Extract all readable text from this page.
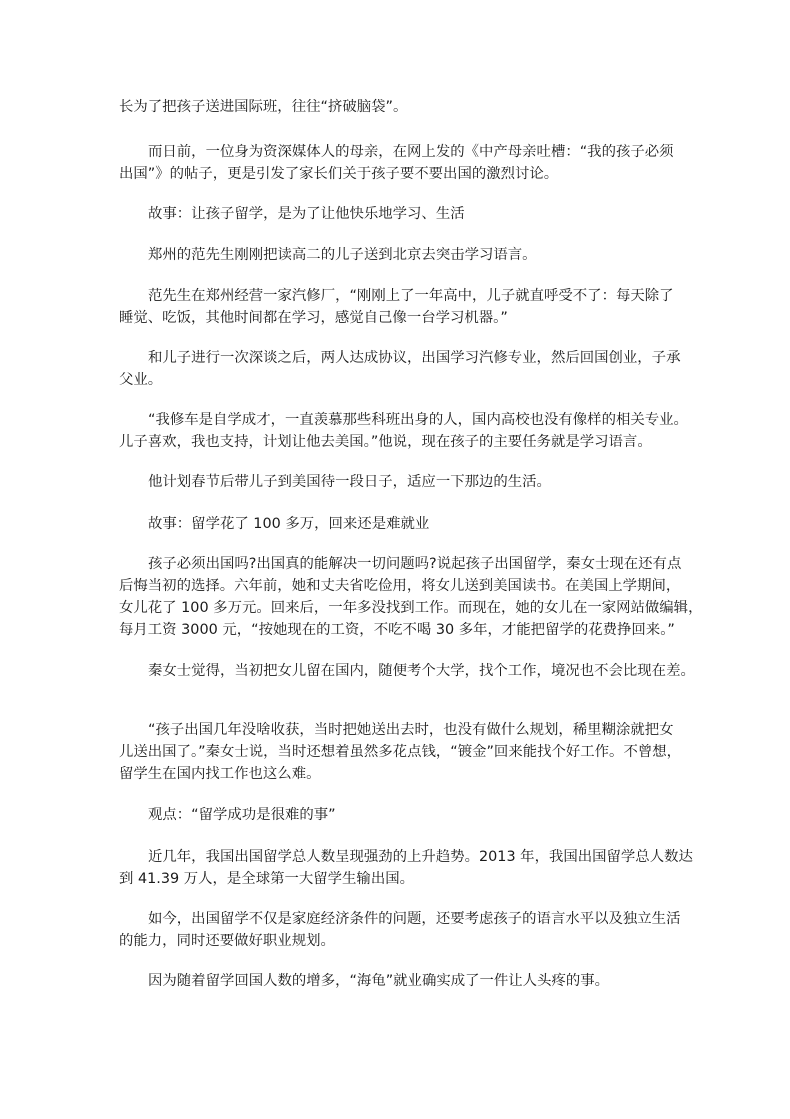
长为了把孩子送进国际班，往往“挤破脑袋”。
而日前，一位身为资深媒体人的母亲，在网上发的《中产母亲吐槽：“我的孩子必须
出国”》的帖子，更是引发了家长们关于孩子要不要出国的激烈讨论。
故事：让孩子留学，是为了让他快乐地学习、生活
郑州的范先生刚刚把读高二的儿子送到北京去突击学习语言。
范先生在郑州经营一家汽修厂，“刚刚上了一年高中，儿子就直呼受不了：每天除了
睡觉、吃饭，其他时间都在学习，感觉自己像一台学习机器。”
和儿子进行一次深谈之后，两人达成协议，出国学习汽修专业，然后回国创业，子承
父业。
“我修车是自学成才，一直羡慕那些科班出身的人，国内高校也没有像样的相关专业。
儿子喜欢，我也支持，计划让他去美国。”他说，现在孩子的主要任务就是学习语言。
他计划春节后带儿子到美国待一段日子，适应一下那边的生活。
故事：留学花了 100 多万，回来还是难就业
孩子必须出国吗?出国真的能解决一切问题吗?说起孩子出国留学，秦女士现在还有点
后悔当初的选择。六年前，她和丈夫省吃俭用，将女儿送到美国读书。在美国上学期间，
女儿花了 100 多万元。回来后，一年多没找到工作。而现在，她的女儿在一家网站做编辑，
每月工资 3000 元，“按她现在的工资，不吃不喝 30 多年，才能把留学的花费挣回来。”
秦女士觉得，当初把女儿留在国内，随便考个大学，找个工作，境况也不会比现在差。
“孩子出国几年没啥收获，当时把她送出去时，也没有做什么规划，稀里糊涂就把女
儿送出国了。”秦女士说，当时还想着虽然多花点钱，“镀金”回来能找个好工作。不曾想，
留学生在国内找工作也这么难。
观点：“留学成功是很难的事”
近几年，我国出国留学总人数呈现强劲的上升趋势。2013 年，我国出国留学总人数达
到 41.39 万人，是全球第一大留学生输出国。
如今，出国留学不仅是家庭经济条件的问题，还要考虑孩子的语言水平以及独立生活
的能力，同时还要做好职业规划。
因为随着留学回国人数的增多，“海龟”就业确实成了一件让人头疼的事。
